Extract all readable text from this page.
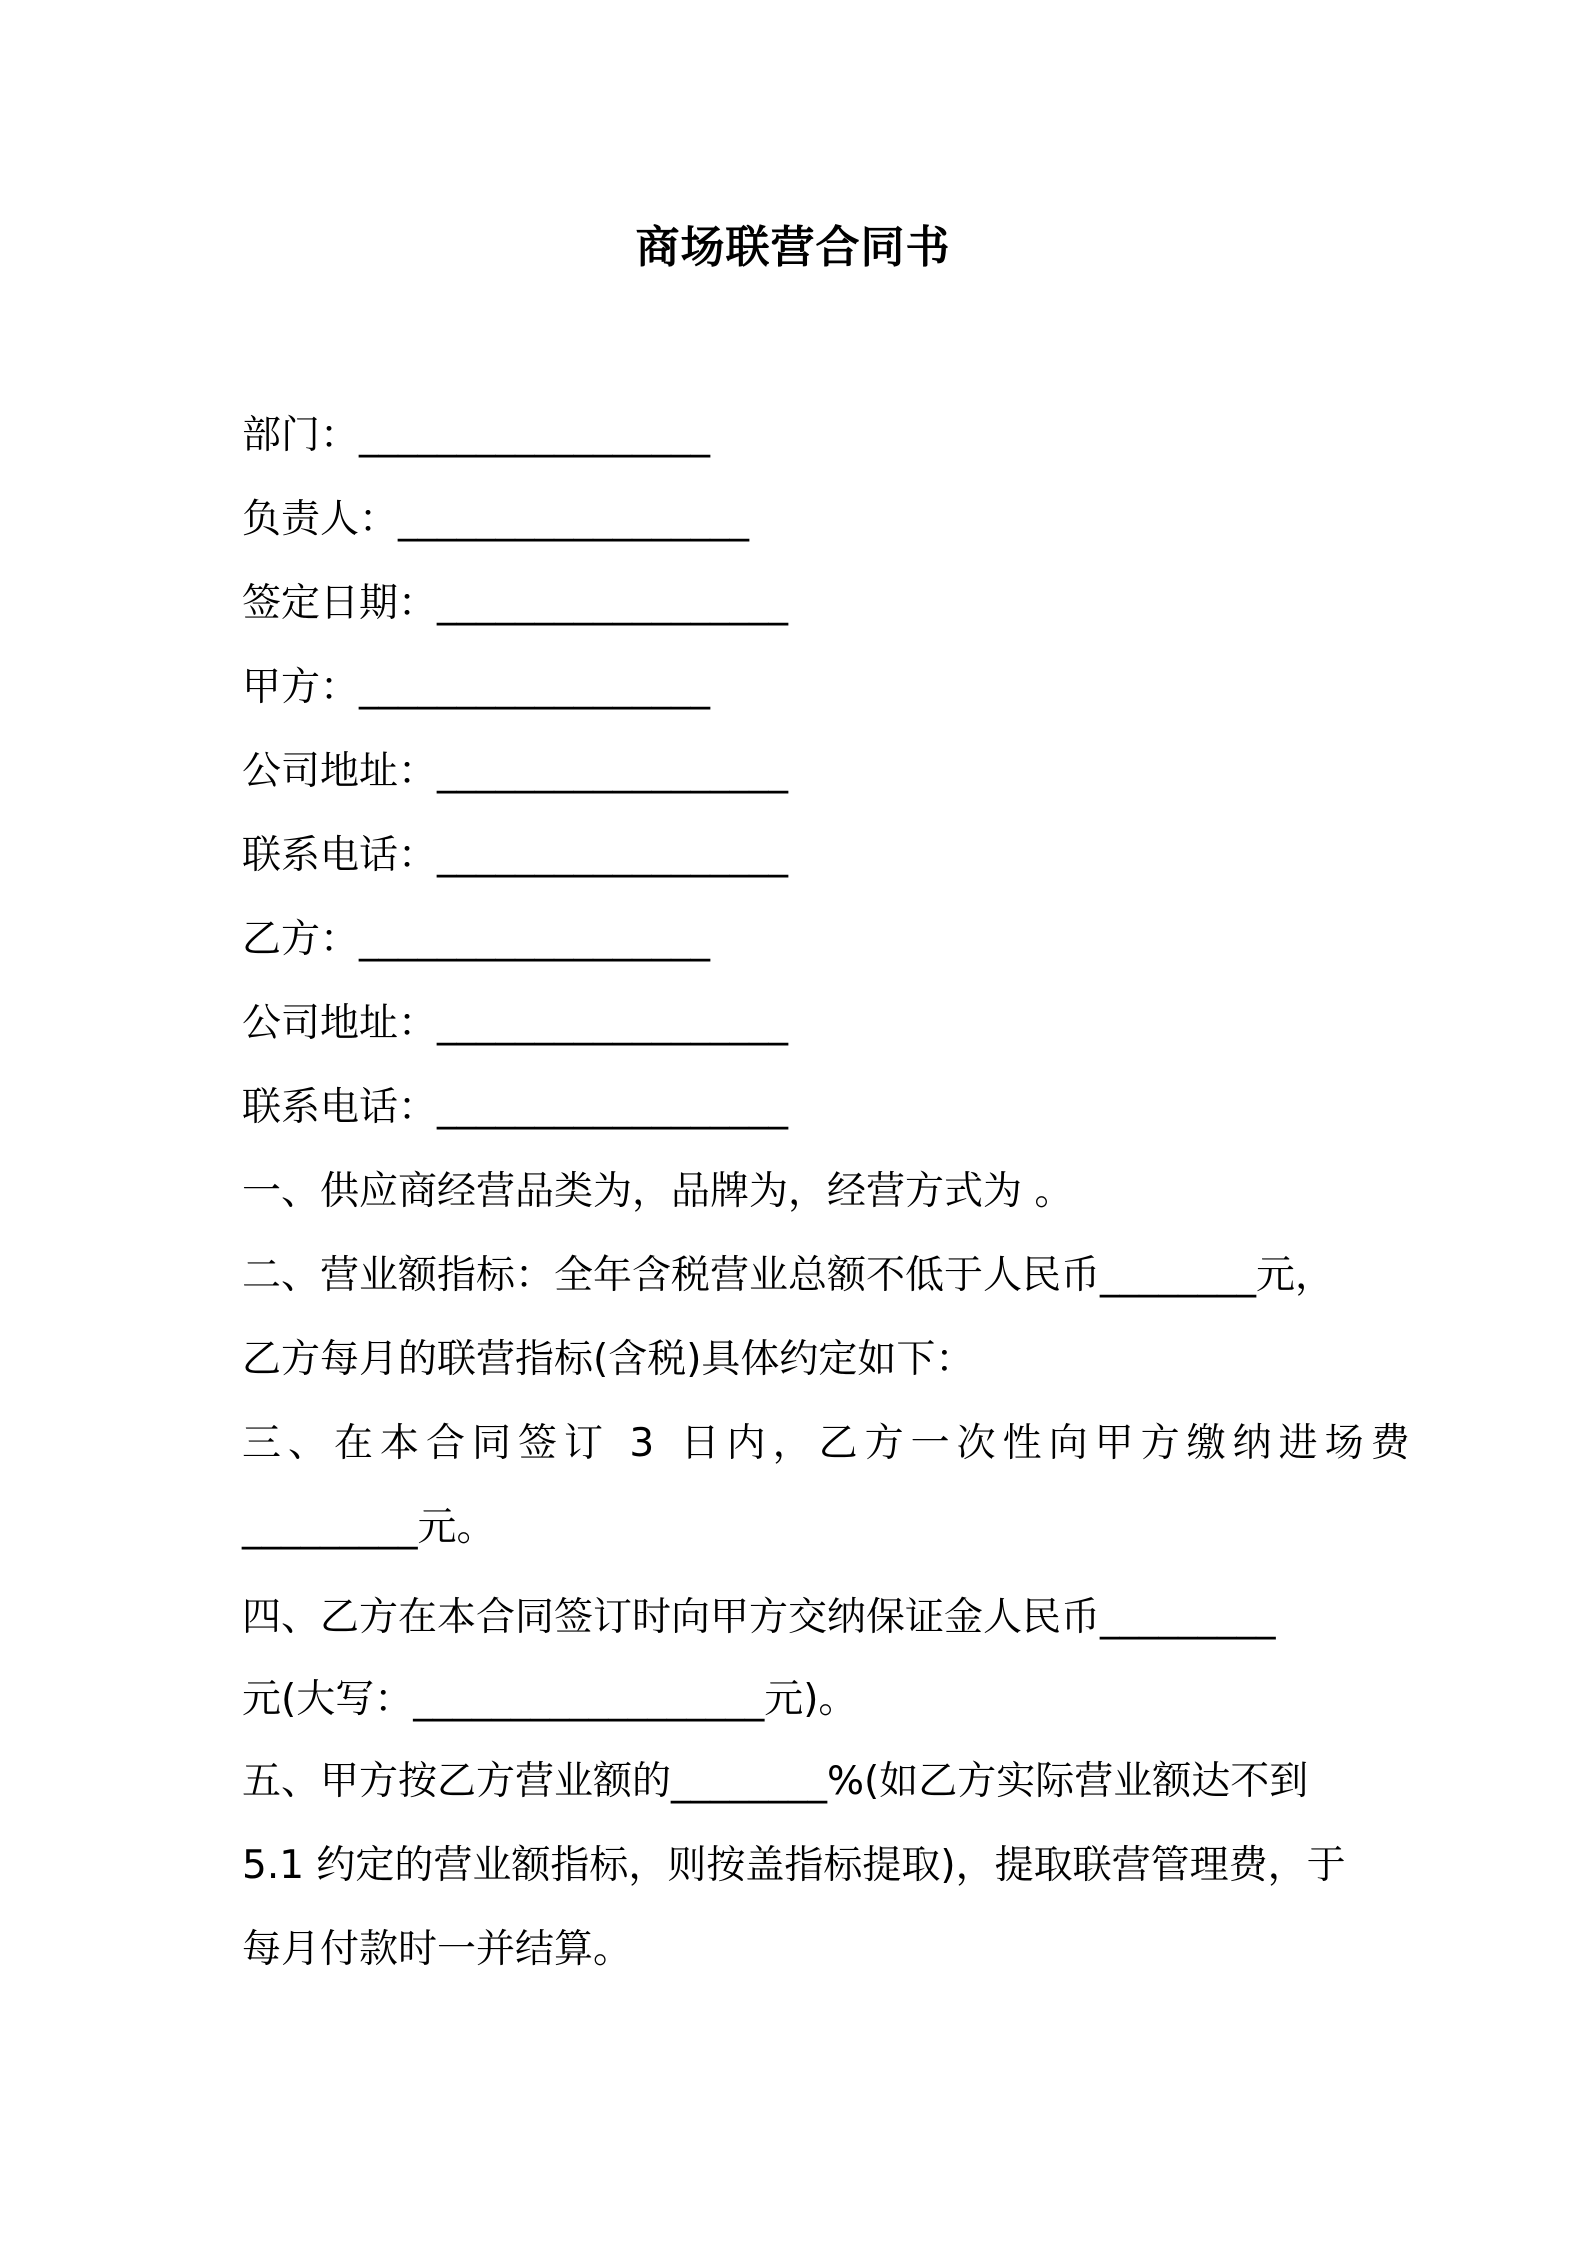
商场联营合同书
部门：__________________
负责人：__________________
签定日期：__________________
甲方：__________________
公司地址：__________________
联系电话：__________________
乙方：__________________
公司地址：__________________
联系电话：__________________
一、供应商经营品类为，品牌为，经营方式为 。
二、营业额指标：全年含税营业总额不低于人民币________元，
乙方每月的联营指标(含税)具体约定如下：
三、在本合同签订 3 日内，乙方一次性向甲方缴纳进场费
_________元。
四、乙方在本合同签订时向甲方交纳保证金人民币_________
元(大写：__________________元)。
五、甲方按乙方营业额的________%(如乙方实际营业额达不到
5.1 约定的营业额指标，则按盖指标提取)，提取联营管理费，于
每月付款时一并结算。
